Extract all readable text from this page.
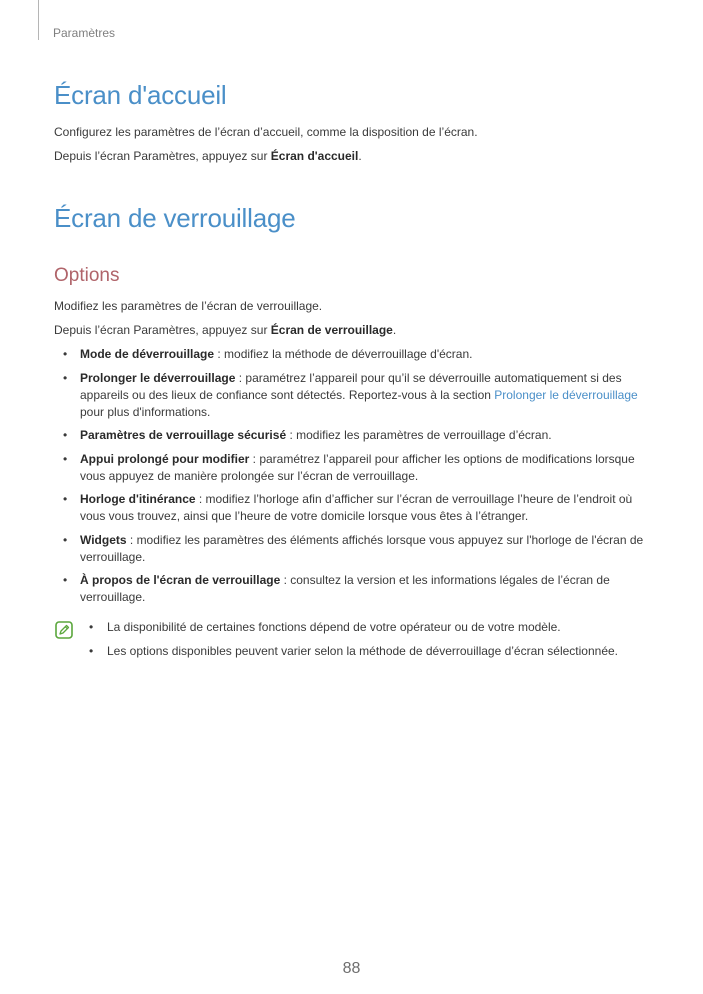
Paramètres
Écran d'accueil
Configurez les paramètres de l’écran d’accueil, comme la disposition de l’écran.
Depuis l’écran Paramètres, appuyez sur Écran d'accueil.
Écran de verrouillage
Options
Modifiez les paramètres de l’écran de verrouillage.
Depuis l’écran Paramètres, appuyez sur Écran de verrouillage.
• Mode de déverrouillage : modifiez la méthode de déverrouillage d'écran.
• Prolonger le déverrouillage : paramétrez l’appareil pour qu’il se déverrouille automatiquement si des appareils ou des lieux de confiance sont détectés. Reportez-vous à la section Prolonger le déverrouillage pour plus d'informations.
• Paramètres de verrouillage sécurisé : modifiez les paramètres de verrouillage d’écran.
• Appui prolongé pour modifier : paramétrez l’appareil pour afficher les options de modifications lorsque vous appuyez de manière prolongée sur l’écran de verrouillage.
• Horloge d'itinérance : modifiez l’horloge afin d’afficher sur l’écran de verrouillage l’heure de l’endroit où vous vous trouvez, ainsi que l’heure de votre domicile lorsque vous êtes à l’étranger.
• Widgets : modifiez les paramètres des éléments affichés lorsque vous appuyez sur l'horloge de l'écran de verrouillage.
• À propos de l'écran de verrouillage : consultez la version et les informations légales de l’écran de verrouillage.
• La disponibilité de certaines fonctions dépend de votre opérateur ou de votre modèle.
• Les options disponibles peuvent varier selon la méthode de déverrouillage d’écran sélectionnée.
88
